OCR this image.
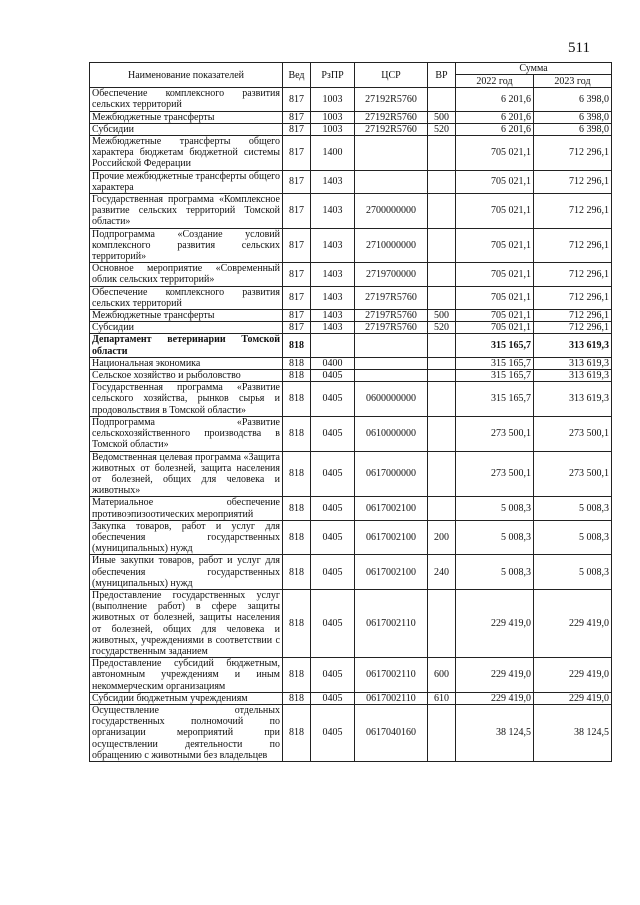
511
Наименование показателей	Вед	РзПР	ЦСР	ВР	Сумма	
					2022 год	2023 год
Обеспечение комплексного развития сельских территорий	817	1003	27192R5760		6 201,6	6 398,0
Межбюджетные трансферты	817	1003	27192R5760	500	6 201,6	6 398,0
Субсидии	817	1003	27192R5760	520	6 201,6	6 398,0
Межбюджетные трансферты общего характера бюджетам бюджетной системы Российской Федерации	817	1400			705 021,1	712 296,1
Прочие межбюджетные трансферты общего характера	817	1403			705 021,1	712 296,1
Государственная программа «Комплексное развитие сельских территорий Томской области»	817	1403	2700000000		705 021,1	712 296,1
Подпрограмма «Создание условий комплексного развития сельских территорий»	817	1403	2710000000		705 021,1	712 296,1
Основное мероприятие «Современный облик сельских территорий»	817	1403	2719700000		705 021,1	712 296,1
Обеспечение комплексного развития сельских территорий	817	1403	27197R5760		705 021,1	712 296,1
Межбюджетные трансферты	817	1403	27197R5760	500	705 021,1	712 296,1
Субсидии	817	1403	27197R5760	520	705 021,1	712 296,1
Департамент ветеринарии Томской области	818				315 165,7	313 619,3
Национальная экономика	818	0400			315 165,7	313 619,3
Сельское хозяйство и рыболовство	818	0405			315 165,7	313 619,3
Государственная программа «Развитие сельского хозяйства, рынков сырья и продовольствия в Томской области»	818	0405	0600000000		315 165,7	313 619,3
Подпрограмма «Развитие сельскохозяйственного производства в Томской области»	818	0405	0610000000		273 500,1	273 500,1
Ведомственная целевая программа «Защита животных от болезней, защита населения от болезней, общих для человека и животных»	818	0405	0617000000		273 500,1	273 500,1
Материальное обеспечение противоэпизоотических мероприятий	818	0405	0617002100		5 008,3	5 008,3
Закупка товаров, работ и услуг для обеспечения государственных (муниципальных) нужд	818	0405	0617002100	200	5 008,3	5 008,3
Иные закупки товаров, работ и услуг для обеспечения государственных (муниципальных) нужд	818	0405	0617002100	240	5 008,3	5 008,3
Предоставление государственных услуг (выполнение работ) в сфере защиты животных от болезней, защиты населения от болезней, общих для человека и животных, учреждениями в соответствии с государственным заданием	818	0405	0617002110		229 419,0	229 419,0
Предоставление субсидий бюджетным, автономным учреждениям и иным некоммерческим организациям	818	0405	0617002110	600	229 419,0	229 419,0
Субсидии бюджетным учреждениям	818	0405	0617002110	610	229 419,0	229 419,0
Осуществление отдельных государственных полномочий по организации мероприятий при осуществлении деятельности по обращению с животными без владельцев	818	0405	0617040160		38 124,5	38 124,5
